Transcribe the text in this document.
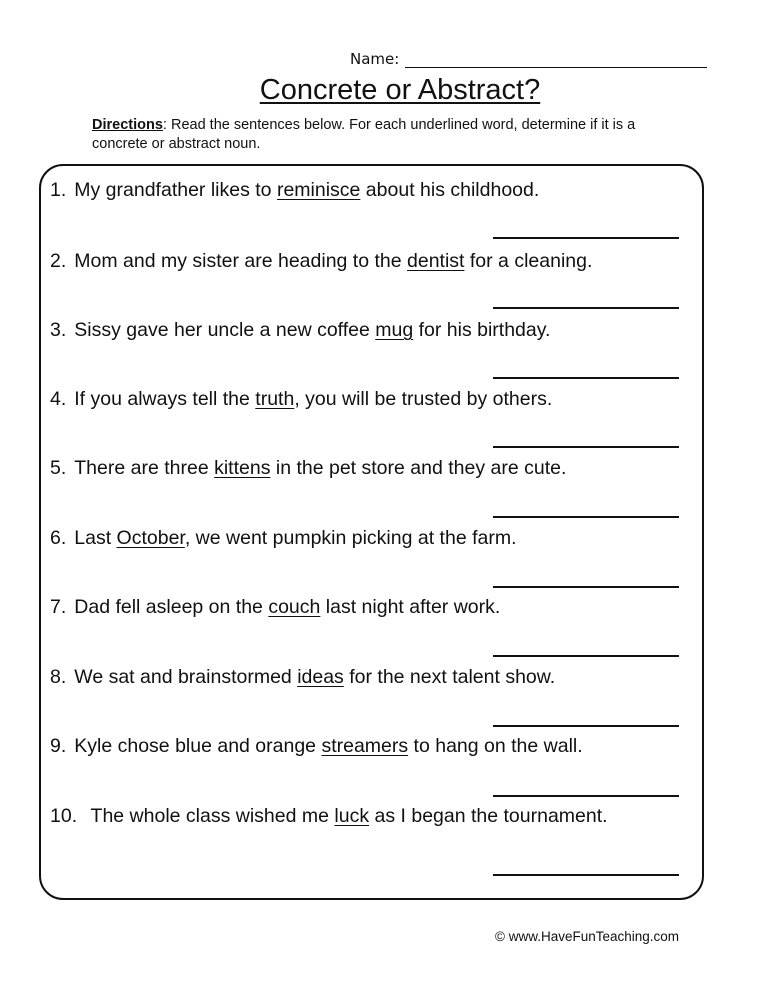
Name:
Concrete or Abstract?
Directions: Read the sentences below. For each underlined word, determine if it is a concrete or abstract noun.
1. My grandfather likes to reminisce about his childhood.
2. Mom and my sister are heading to the dentist for a cleaning.
3. Sissy gave her uncle a new coffee mug for his birthday.
4. If you always tell the truth, you will be trusted by others.
5. There are three kittens in the pet store and they are cute.
6. Last October, we went pumpkin picking at the farm.
7. Dad fell asleep on the couch last night after work.
8. We sat and brainstormed ideas for the next talent show.
9. Kyle chose blue and orange streamers to hang on the wall.
10. The whole class wished me luck as I began the tournament.
© www.HaveFunTeaching.com
